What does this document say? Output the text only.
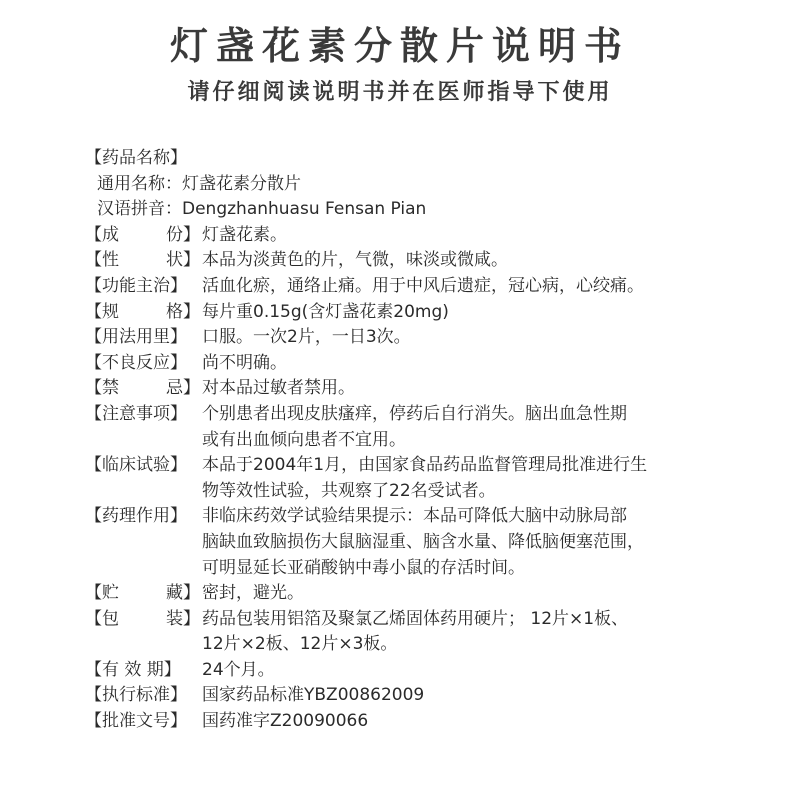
灯盏花素分散片说明书
请仔细阅读说明书并在医师指导下使用
【药品名称】
通用名称： 灯盏花素分散片
汉语拼音： Dengzhanhuasu Fensan Pian
【成	份】 灯盏花素。
【性	状】 本品为淡黄色的片，气微，味淡或微咸。
【功能主治】 活血化瘀，通络止痛。用于中风后遗症，冠心病，心绞痛。
【规	格】 每片重0.15g(含灯盏花素20mg)
【用法用里】 口服。一次2片，一日3次。
【不良反应】 尚不明确。
【禁	忌】 对本品过敏者禁用。
【注意事项】 个别患者出现皮肤瘙痒，停药后自行消失。脑出血急性期
或有出血倾向患者不宜用。
【临床试验】 本品于2004年1月，由国家食品药品监督管理局批准进行生
物等效性试验，共观察了22名受试者。
【药理作用】 非临床药效学试验结果提示：本品可降低大脑中动脉局部
脑缺血致脑损伤大鼠脑湿重、脑含水量、降低脑便塞范围，
可明显延长亚硝酸钠中毒小鼠的存活时间。
【贮	藏】 密封，避光。
【包	装】 药品包装用铝箔及聚氯乙烯固体药用硬片； 12片×1板、
12片×2板、12片×3板。
【有 效 期】	24个月。
【执行标准】 国家药品标准YBZ00862009
【批准文号】 国药准字Z20090066
